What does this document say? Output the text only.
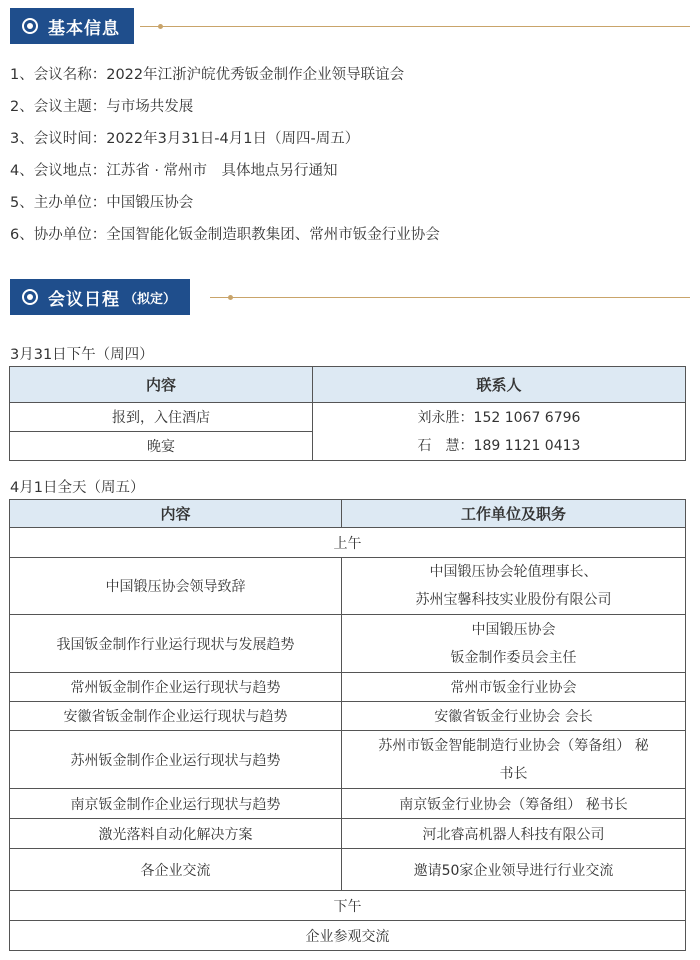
基本信息
1、会议名称：2022年江浙沪皖优秀钣金制作企业领导联谊会
2、会议主题：与市场共发展
3、会议时间：2022年3月31日-4月1日（周四-周五）
4、会议地点：江苏省 · 常州市　具体地点另行通知
5、主办单位：中国锻压协会
6、协办单位：全国智能化钣金制造职教集团、常州市钣金行业协会
会议日程 （拟定）
3月31日下午（周四）
内容	联系人
报到，入住酒店	刘永胜：152 1067 6796
石　慧：189 1121 0413

晚宴	
4月1日全天（周五）
内容	工作单位及职务
上午	
中国锻压协会领导致辞	中国锻压协会轮值理事长、
苏州宝馨科技实业股份有限公司

我国钣金制作行业运行现状与发展趋势	中国锻压协会
钣金制作委员会主任

常州钣金制作企业运行现状与趋势	常州市钣金行业协会
安徽省钣金制作企业运行现状与趋势	安徽省钣金行业协会 会长
苏州钣金制作企业运行现状与趋势	苏州市钣金智能制造行业协会（筹备组） 秘
书长

南京钣金制作企业运行现状与趋势	南京钣金行业协会（筹备组） 秘书长
激光落料自动化解决方案	河北睿高机器人科技有限公司
各企业交流	邀请50家企业领导进行行业交流
下午	
企业参观交流	
